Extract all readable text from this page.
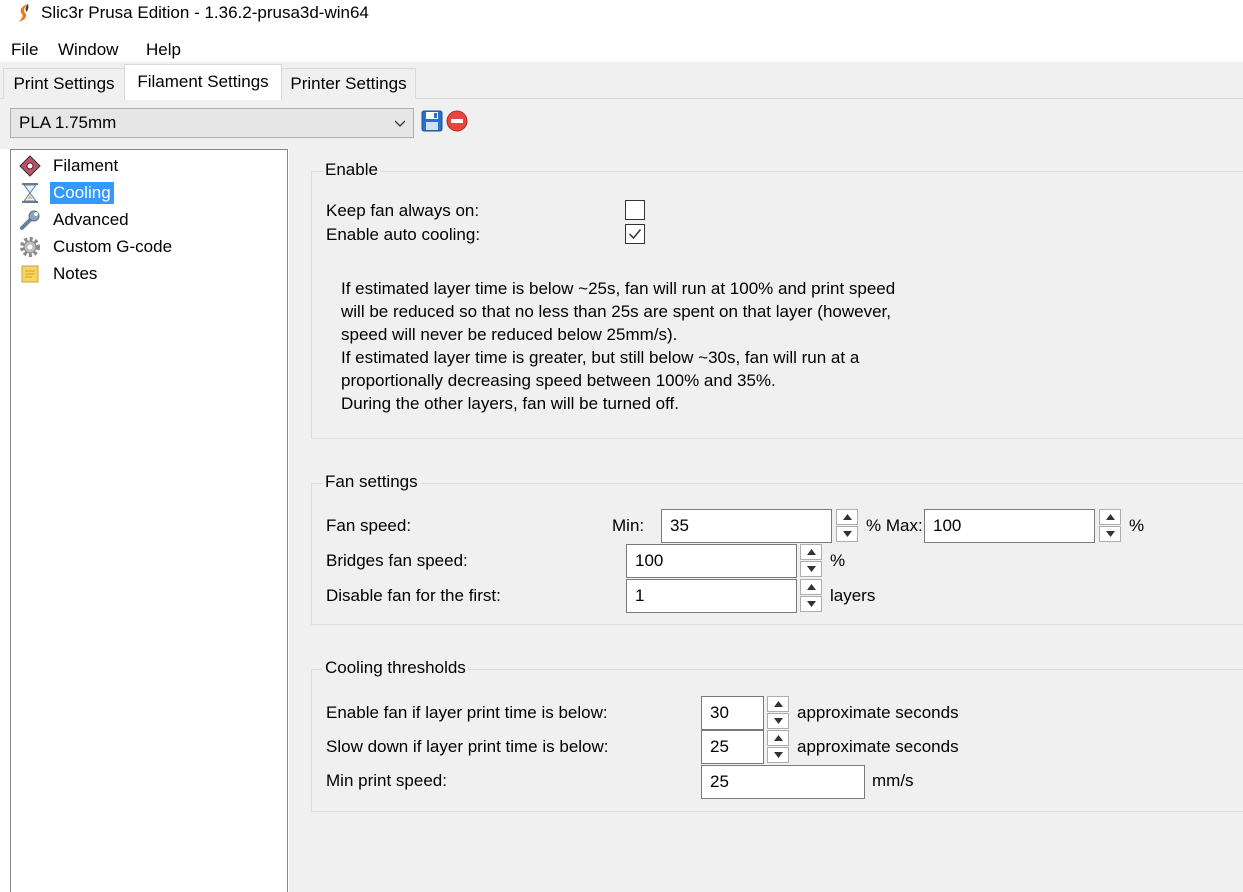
Slic3r Prusa Edition - 1.36.2-prusa3d-win64
File Window Help
Print Settings	Filament Settings	Printer Settings
PLA 1.75mm
Filament
Cooling
Advanced
Custom G-code
Notes
Enable
Keep fan always on:
Enable auto cooling:
If estimated layer time is below ~25s, fan will run at 100% and print speed
will be reduced so that no less than 25s are spent on that layer (however,
speed will never be reduced below 25mm/s).
If estimated layer time is greater, but still below ~30s, fan will run at a
proportionally decreasing speed between 100% and 35%.
During the other layers, fan will be turned off.
Fan settings
Fan speed:	Min:	35	% Max: 100	%
Bridges fan speed:	100	%
Disable fan for the first:	1	layers
Cooling thresholds
Enable fan if layer print time is below:	30	approximate seconds
Slow down if layer print time is below:	25	approximate seconds
Min print speed:	25	mm/s
